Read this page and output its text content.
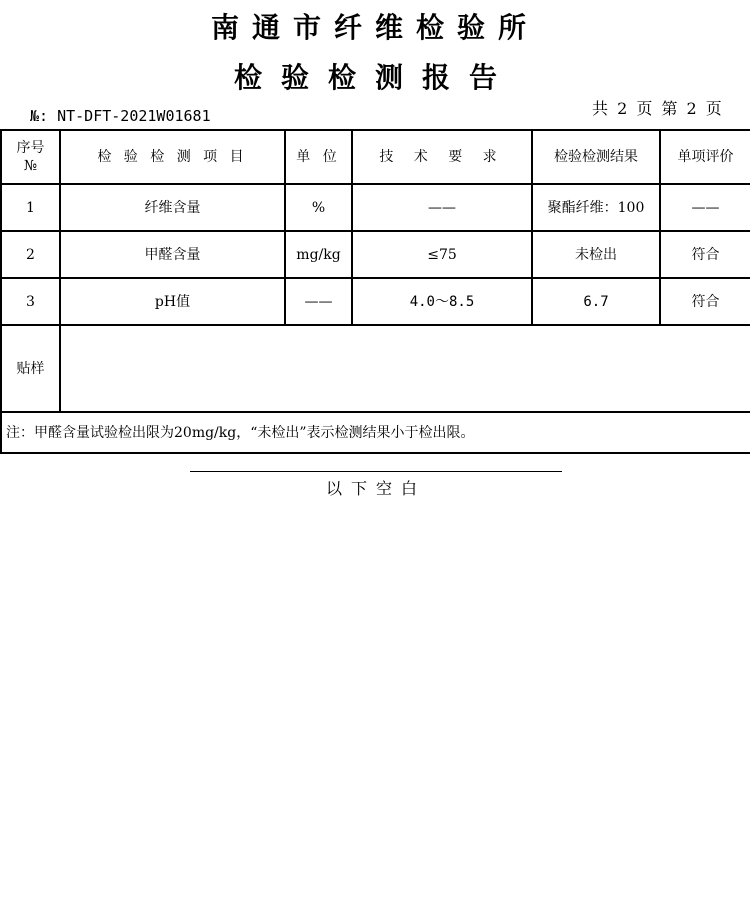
南通市纤维检验所
检验检测报告
№: NT-DFT-2021W01681	共 2 页 第 2 页
序号
№	检 验 检 测 项 目	单 位	技 术 要 求	检验检测结果	单项评价
1	纤维含量	%	——	聚酯纤维：100	——
2	甲醛含量	mg/kg	≤75	未检出	符合
3	pH值	——	4.0～8.5	6.7	符合
贴样					
注：甲醛含量试验检出限为20mg/kg，“未检出”表示检测结果小于检出限。					
以下空白
